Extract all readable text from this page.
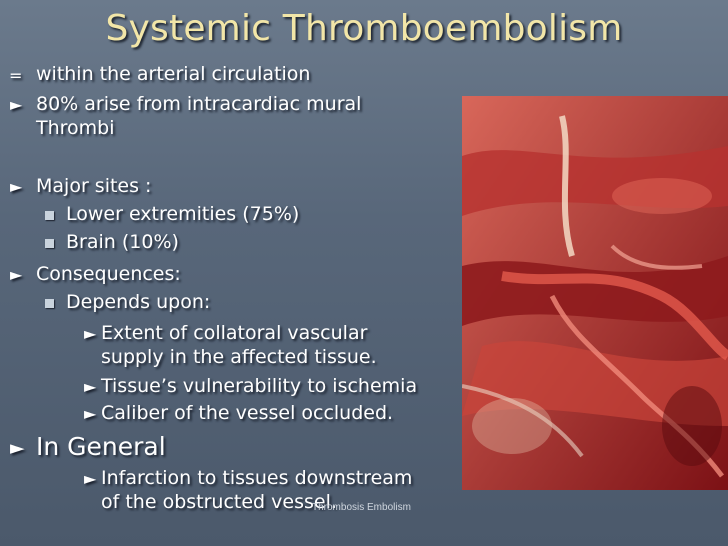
Systemic Thromboembolism
= within the arterial circulation
► 80% arise from intracardiac mural
Thrombi
► Major sites :
Lower extremities (75%)
Brain (10%)
► Consequences:
Depends upon:
► Extent of collatoral vascular
supply in the affected tissue.
► Tissue’s vulnerability to ischemia
► Caliber of the vessel occluded.
► In General
► Infarction to tissues downstream
of the obstructed vessel.
Thrombosis Embolism
